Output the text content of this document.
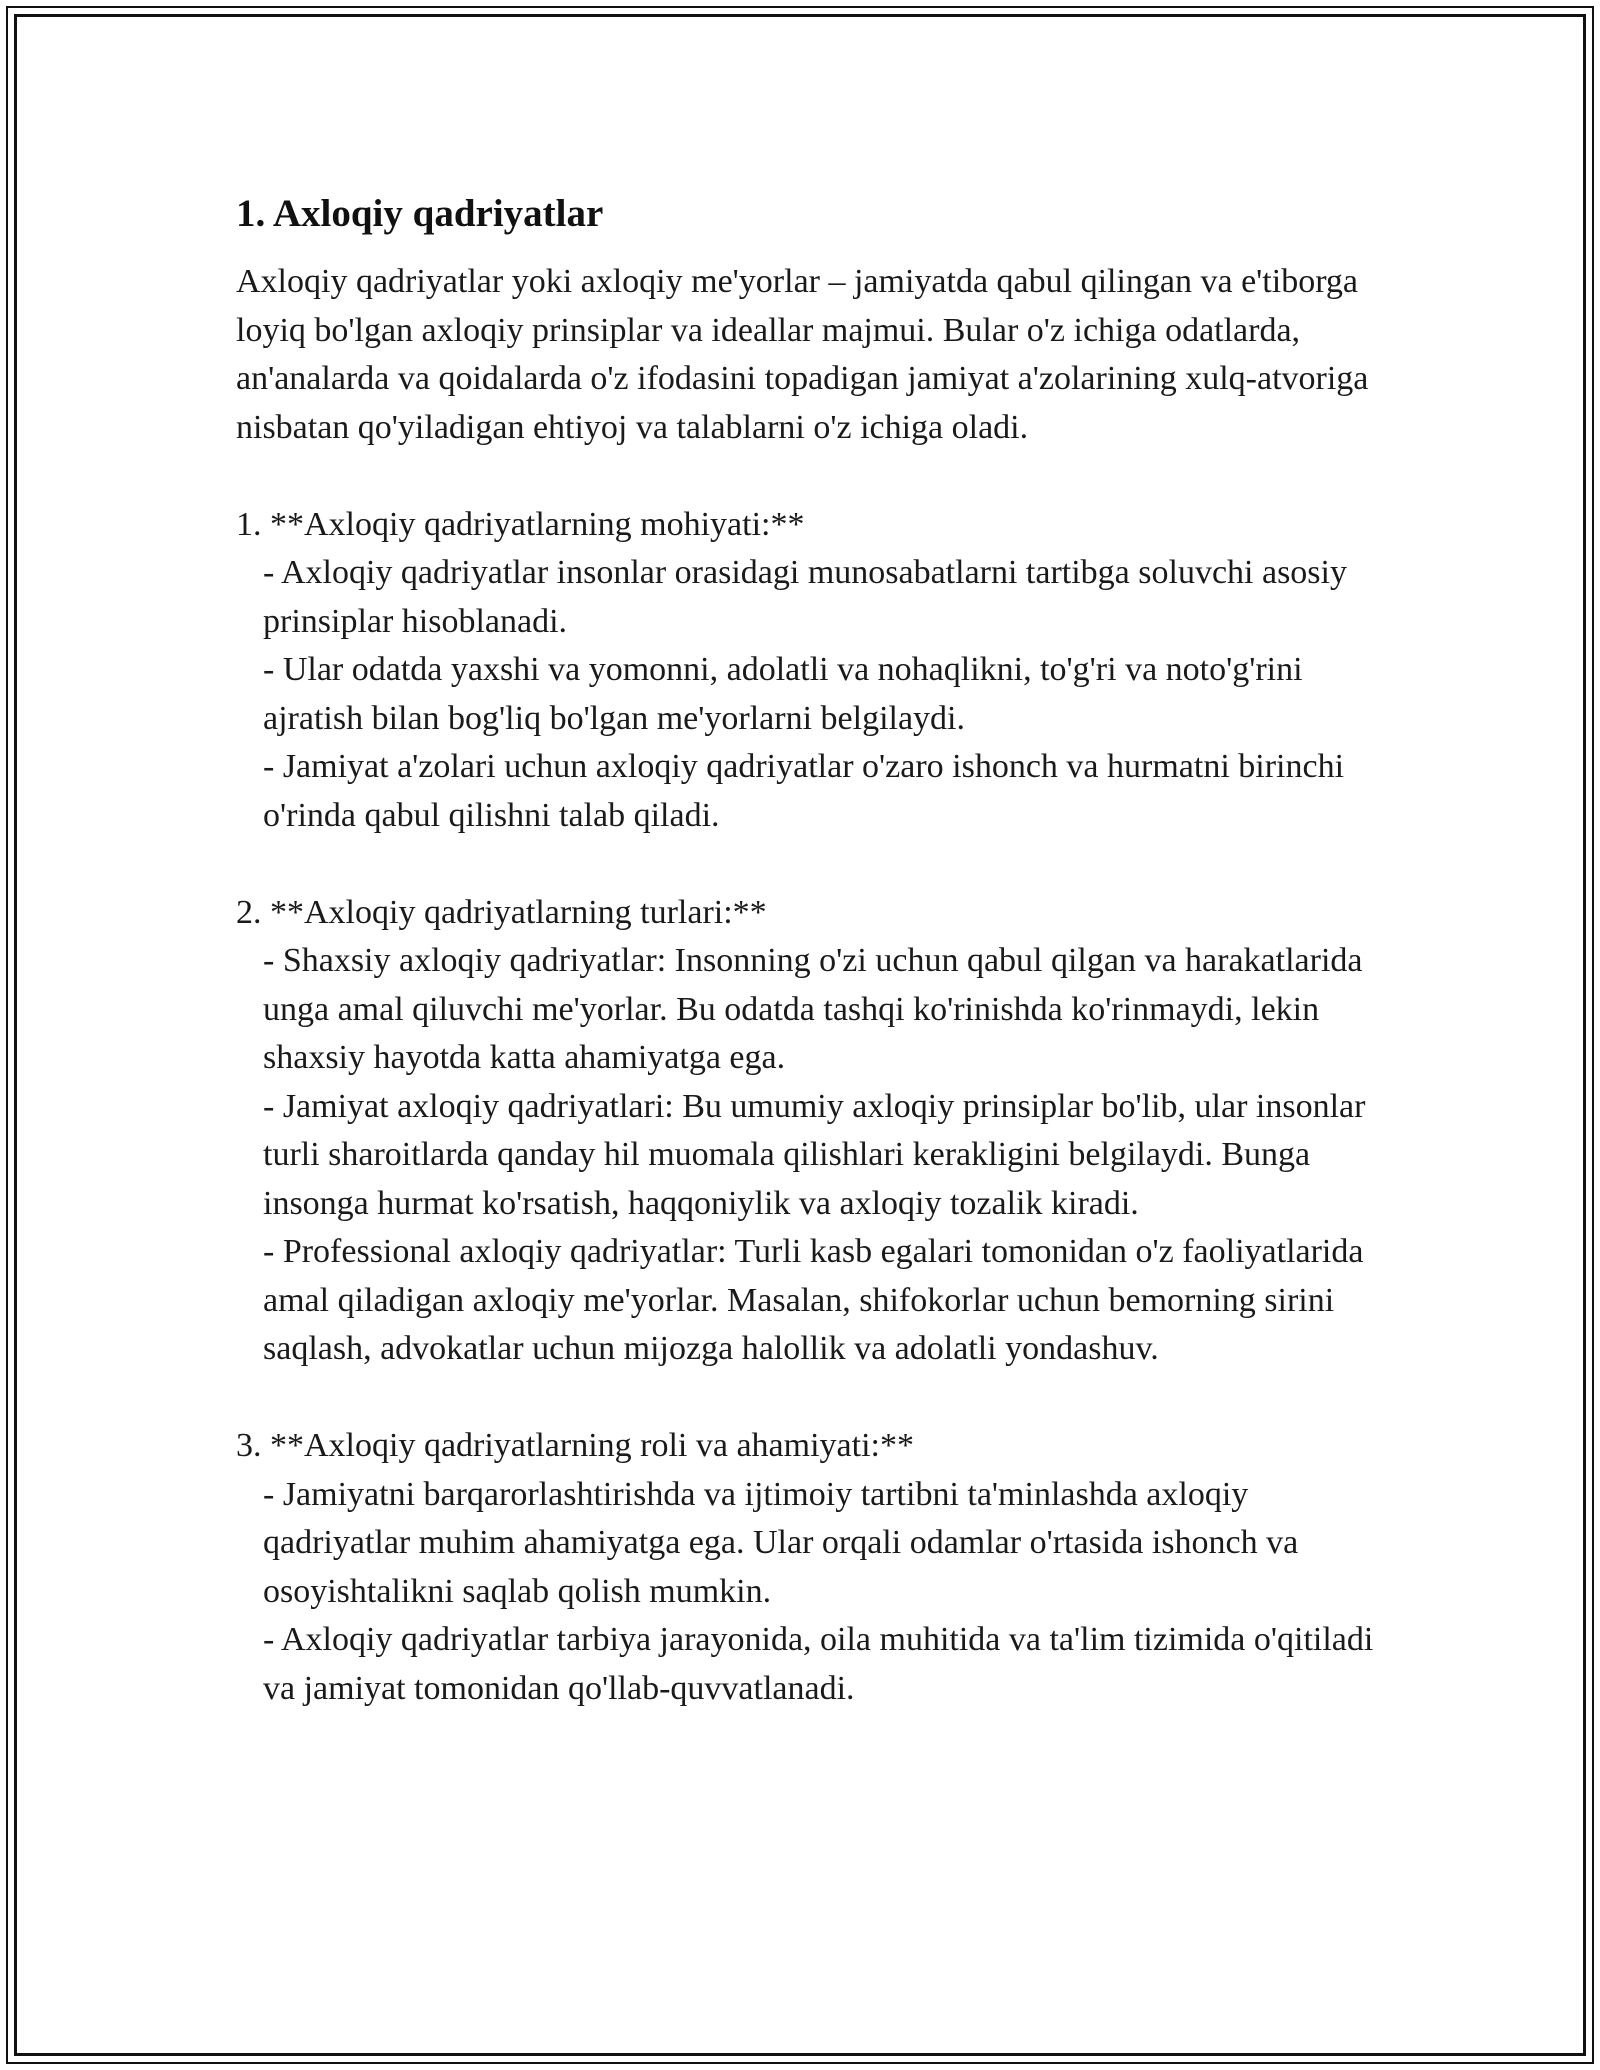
1. Axloqiy qadriyatlar

Axloqiy qadriyatlar yoki axloqiy me'yorlar – jamiyatda qabul qilingan va e'tiborga loyiq bo'lgan axloqiy prinsiplar va ideallar majmui. Bular o'z ichiga odatlarda, an'analarda va qoidalarda o'z ifodasini topadigan jamiyat a'zolarining xulq-atvoriga nisbatan qo'yiladigan ehtiyoj va talablarni o'z ichiga oladi.

1. **Axloqiy qadriyatlarning mohiyati:**

- Axloqiy qadriyatlar insonlar orasidagi munosabatlarni tartibga soluvchi asosiy prinsiplar hisoblanadi.

- Ular odatda yaxshi va yomonni, adolatli va nohaqlikni, to'g'ri va noto'g'rini ajratish bilan bog'liq bo'lgan me'yorlarni belgilaydi.

- Jamiyat a'zolari uchun axloqiy qadriyatlar o'zaro ishonch va hurmatni birinchi o'rinda qabul qilishni talab qiladi.

2. **Axloqiy qadriyatlarning turlari:**

- Shaxsiy axloqiy qadriyatlar: Insonning o'zi uchun qabul qilgan va harakatlarida unga amal qiluvchi me'yorlar. Bu odatda tashqi ko'rinishda ko'rinmaydi, lekin shaxsiy hayotda katta ahamiyatga ega.

- Jamiyat axloqiy qadriyatlari: Bu umumiy axloqiy prinsiplar bo'lib, ular insonlar turli sharoitlarda qanday hil muomala qilishlari kerakligini belgilaydi. Bunga insonga hurmat ko'rsatish, haqqoniylik va axloqiy tozalik kiradi.

- Professional axloqiy qadriyatlar: Turli kasb egalari tomonidan o'z faoliyatlarida amal qiladigan axloqiy me'yorlar. Masalan, shifokorlar uchun bemorning sirini saqlash, advokatlar uchun mijozga halollik va adolatli yondashuv.

3. **Axloqiy qadriyatlarning roli va ahamiyati:**

- Jamiyatni barqarorlashtirishda va ijtimoiy tartibni ta'minlashda axloqiy qadriyatlar muhim ahamiyatga ega. Ular orqali odamlar o'rtasida ishonch va osoyishtalikni saqlab qolish mumkin.

- Axloqiy qadriyatlar tarbiya jarayonida, oila muhitida va ta'lim tizimida o'qitiladi va jamiyat tomonidan qo'llab-quvvatlanadi.
